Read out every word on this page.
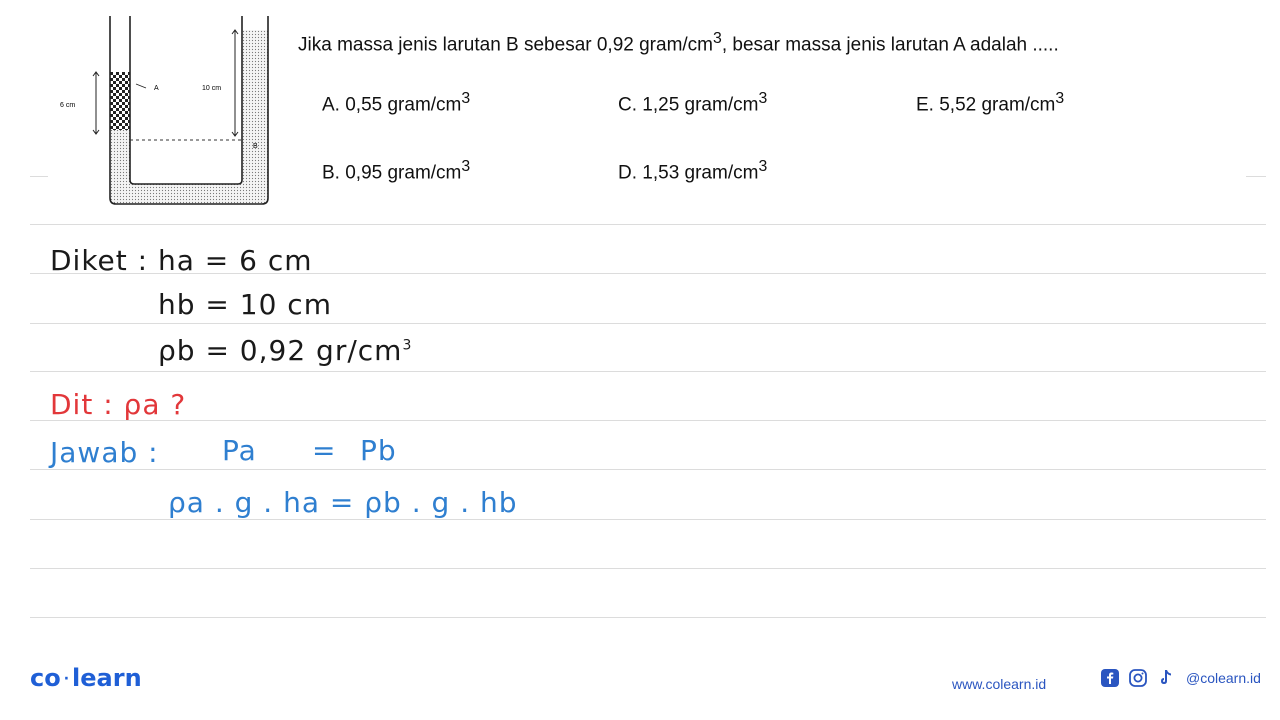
6 cm
A	10 cm
B
Jika massa jenis larutan B sebesar 0,92 gram/$cm^3$, besar massa jenis larutan A adalah .....
A. 0,55 gram/$cm^3$	C. 1,25 gram/$cm^3$	E. 5,52 gram/$cm^3$
B. 0,95 gram/$cm^3$	D. 1,53 gram/$cm^3$
Diket : ha = 6 cm
hb = 10 cm
ρb = 0,92 $gr/cm^3$
Dit : ρa ?
Jawab : Pa = Pb
ρa . g . ha = ρb . g . hb
co · learn	www.colearn.id	@colearn.id
